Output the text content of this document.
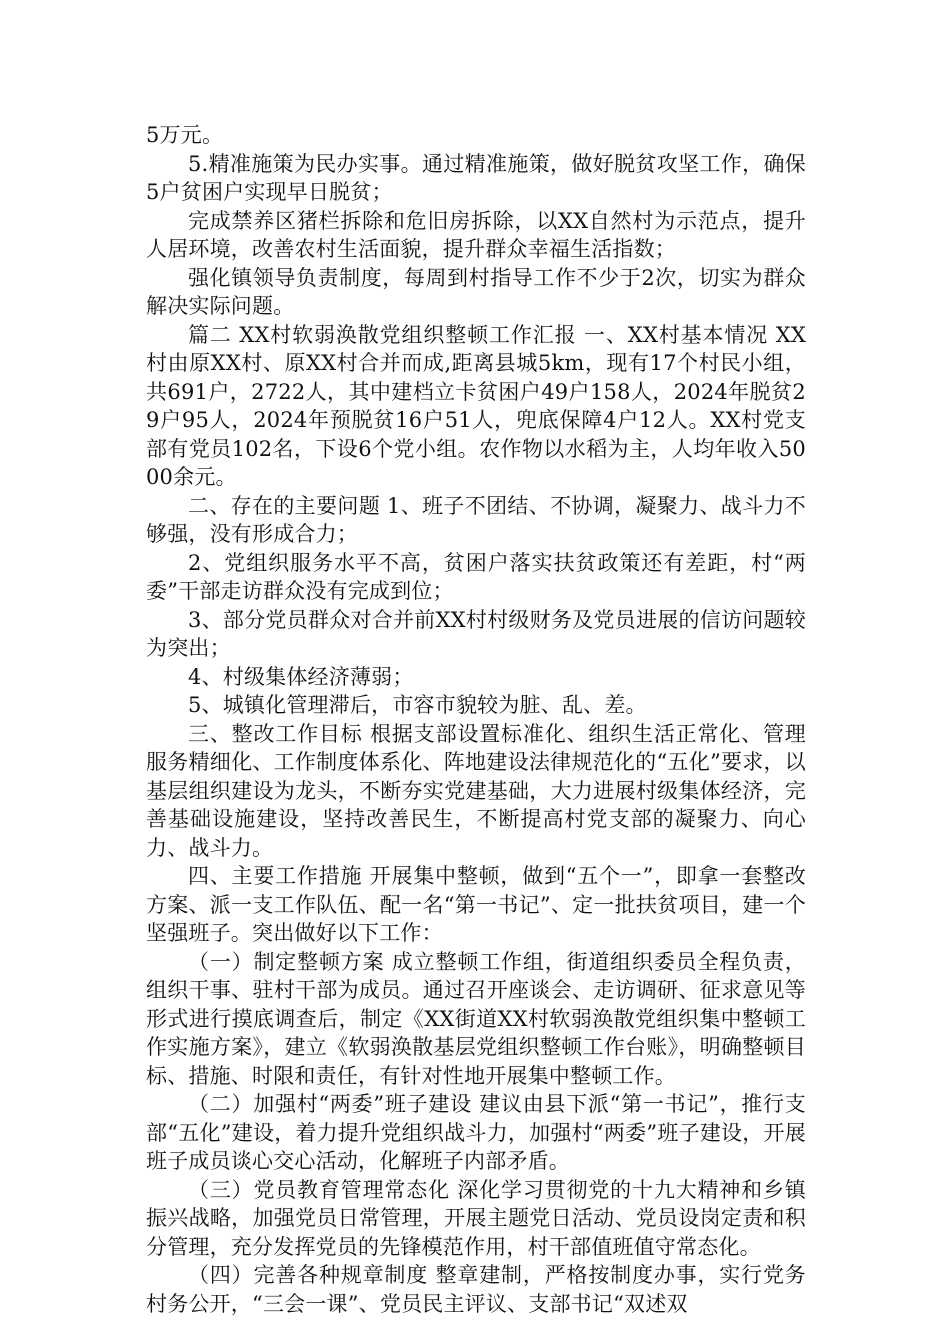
5万元。

5.精准施策为民办实事。通过精准施策，做好脱贫攻坚工作，确保5户贫困户实现早日脱贫；

完成禁养区猪栏拆除和危旧房拆除，以XX自然村为示范点，提升人居环境，改善农村生活面貌，提升群众幸福生活指数；

强化镇领导负责制度，每周到村指导工作不少于2次，切实为群众解决实际问题。

篇二 XX村软弱涣散党组织整顿工作汇报 一、XX村基本情况 XX村由原XX村、原XX村合并而成,距离县城5km，现有17个村民小组，共691户，2722人，其中建档立卡贫困户49户158人，2024年脱贫29户95人，2024年预脱贫16户51人，兜底保障4户12人。XX村党支部有党员102名，下设6个党小组。农作物以水稻为主，人均年收入5000余元。

二、存在的主要问题 1、班子不团结、不协调，凝聚力、战斗力不够强，没有形成合力；

2、党组织服务水平不高，贫困户落实扶贫政策还有差距，村“两委”干部走访群众没有完成到位；

3、部分党员群众对合并前XX村村级财务及党员进展的信访问题较为突出；

4、村级集体经济薄弱；

5、城镇化管理滞后，市容市貌较为脏、乱、差。

三、整改工作目标 根据支部设置标准化、组织生活正常化、管理服务精细化、工作制度体系化、阵地建设法律规范化的“五化”要求，以基层组织建设为龙头，不断夯实党建基础，大力进展村级集体经济，完善基础设施建设，坚持改善民生，不断提高村党支部的凝聚力、向心力、战斗力。

四、主要工作措施 开展集中整顿，做到“五个一”，即拿一套整改方案、派一支工作队伍、配一名“第一书记”、定一批扶贫项目，建一个坚强班子。突出做好以下工作：

（一）制定整顿方案 成立整顿工作组，街道组织委员全程负责，组织干事、驻村干部为成员。通过召开座谈会、走访调研、征求意见等形式进行摸底调查后，制定《XX街道XX村软弱涣散党组织集中整顿工作实施方案》，建立《软弱涣散基层党组织整顿工作台账》，明确整顿目标、措施、时限和责任，有针对性地开展集中整顿工作。

（二）加强村“两委”班子建设 建议由县下派“第一书记”，推行支部“五化”建设，着力提升党组织战斗力，加强村“两委”班子建设，开展班子成员谈心交心活动，化解班子内部矛盾。

（三）党员教育管理常态化 深化学习贯彻党的十九大精神和乡镇振兴战略，加强党员日常管理，开展主题党日活动、党员设岗定责和积分管理，充分发挥党员的先锋模范作用，村干部值班值守常态化。

（四）完善各种规章制度 整章建制，严格按制度办事，实行党务村务公开，“三会一课”、党员民主评议、支部书记“双述双
